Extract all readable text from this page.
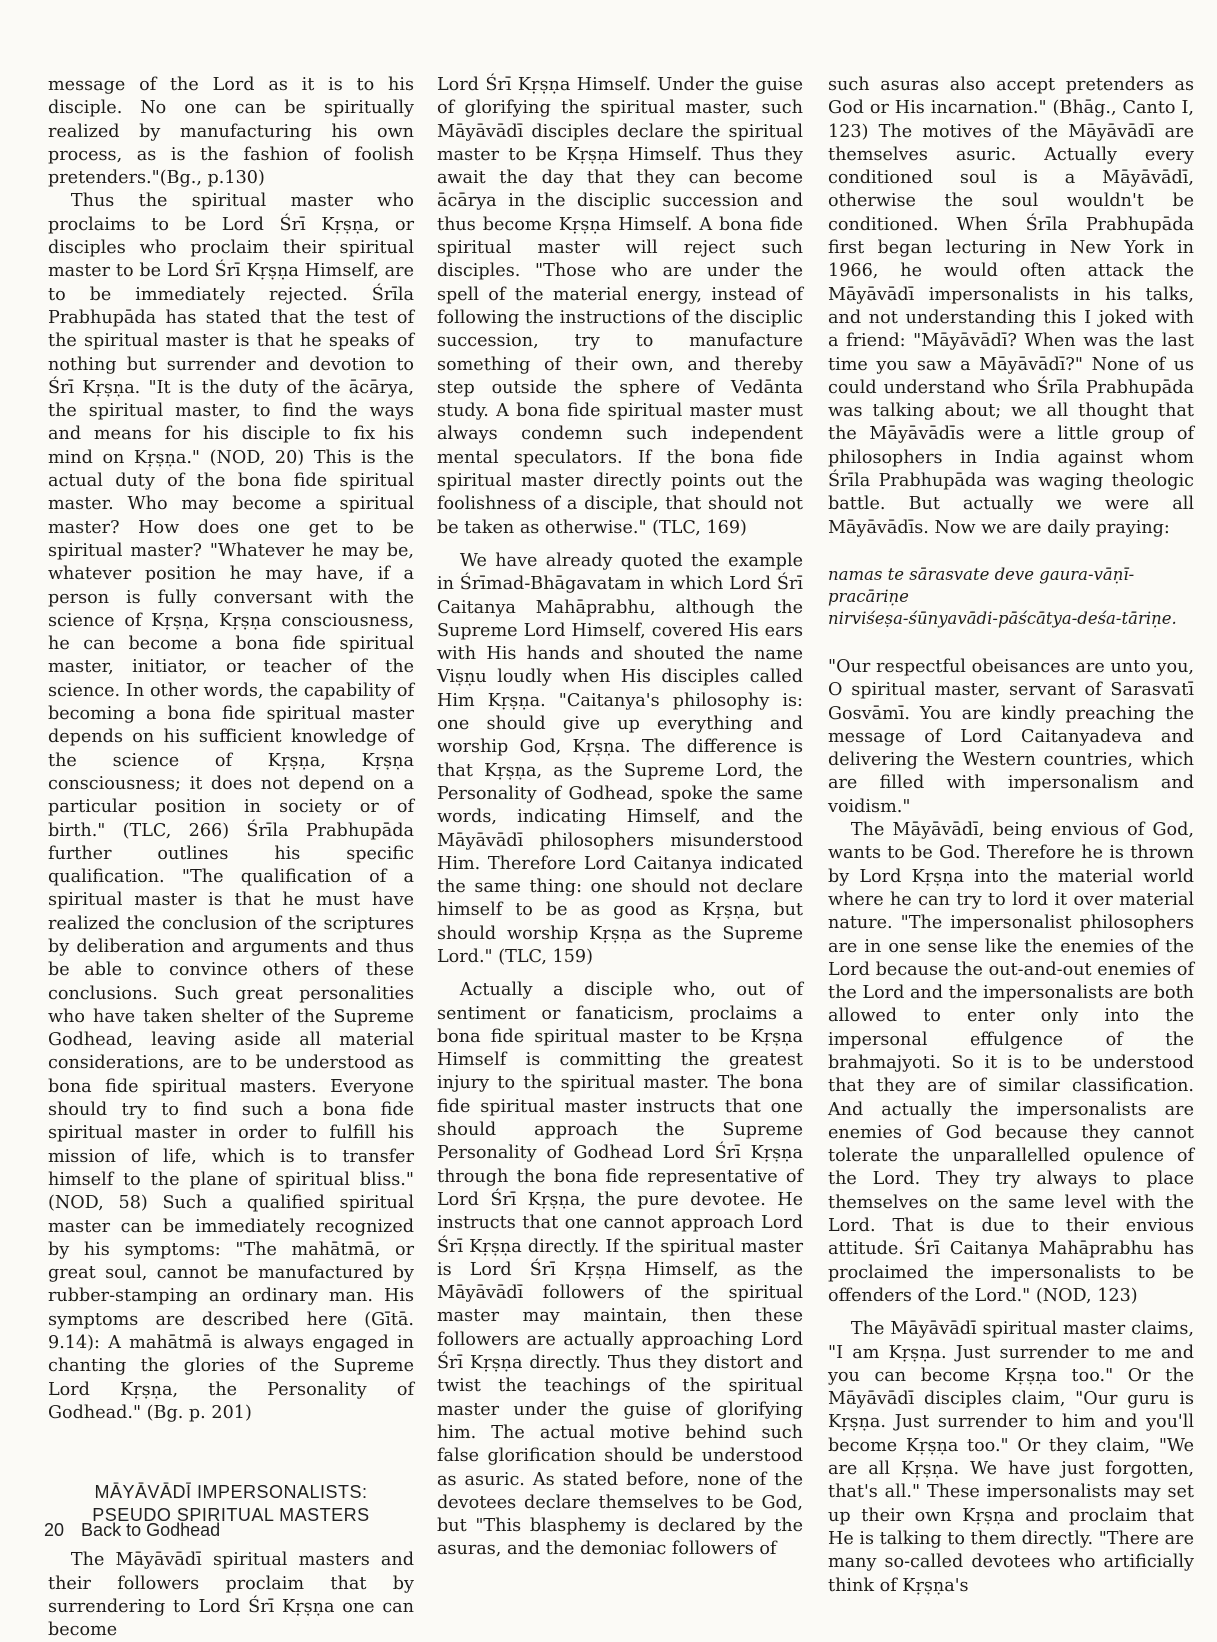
message of the Lord as it is to his disciple. No one can be spiritually realized by manufacturing his own process, as is the fashion of foolish pretenders."(Bg., p.130)

Thus the spiritual master who proclaims to be Lord Śrī Kṛṣṇa, or disciples who proclaim their spiritual master to be Lord Śrī Kṛṣṇa Himself, are to be immediately rejected. Śrīla Prabhupāda has stated that the test of the spiritual master is that he speaks of nothing but surrender and devotion to Śrī Kṛṣṇa. "It is the duty of the ācārya, the spiritual master, to find the ways and means for his disciple to fix his mind on Kṛṣṇa." (NOD, 20) This is the actual duty of the bona fide spiritual master. Who may become a spiritual master? How does one get to be spiritual master? "Whatever he may be, whatever position he may have, if a person is fully conversant with the science of Kṛṣṇa, Kṛṣṇa consciousness, he can become a bona fide spiritual master, initiator, or teacher of the science. In other words, the capability of becoming a bona fide spiritual master depends on his sufficient knowledge of the science of Kṛṣṇa, Kṛṣṇa consciousness; it does not depend on a particular position in society or of birth." (TLC, 266) Śrīla Prabhupāda further outlines his specific qualification. "The qualification of a spiritual master is that he must have realized the conclusion of the scriptures by deliberation and arguments and thus be able to convince others of these conclusions. Such great personalities who have taken shelter of the Supreme Godhead, leaving aside all material considerations, are to be understood as bona fide spiritual masters. Everyone should try to find such a bona fide spiritual master in order to fulfill his mission of life, which is to transfer himself to the plane of spiritual bliss." (NOD, 58) Such a qualified spiritual master can be immediately recognized by his symptoms: "The mahātmā, or great soul, cannot be manufactured by rubber-stamping an ordinary man. His symptoms are described here (Gītā. 9.14): A mahātmā is always engaged in chanting the glories of the Supreme Lord Kṛṣṇa, the Personality of Godhead." (Bg. p. 201)

MĀYĀVĀDĪ IMPERSONALISTS:
PSEUDO SPIRITUAL MASTERS

The Māyāvādī spiritual masters and their followers proclaim that by surrendering to Lord Śrī Kṛṣṇa one can become

Lord Śrī Kṛṣṇa Himself. Under the guise of glorifying the spiritual master, such Māyāvādī disciples declare the spiritual master to be Kṛṣṇa Himself. Thus they await the day that they can become ācārya in the disciplic succession and thus become Kṛṣṇa Himself. A bona fide spiritual master will reject such disciples. "Those who are under the spell of the material energy, instead of following the instructions of the disciplic succession, try to manufacture something of their own, and thereby step outside the sphere of Vedānta study. A bona fide spiritual master must always condemn such independent mental speculators. If the bona fide spiritual master directly points out the foolishness of a disciple, that should not be taken as otherwise." (TLC, 169)

We have already quoted the example in Śrīmad-Bhāgavatam in which Lord Śrī Caitanya Mahāprabhu, although the Supreme Lord Himself, covered His ears with His hands and shouted the name Viṣṇu loudly when His disciples called Him Kṛṣṇa. "Caitanya's philosophy is: one should give up everything and worship God, Kṛṣṇa. The difference is that Kṛṣṇa, as the Supreme Lord, the Personality of Godhead, spoke the same words, indicating Himself, and the Māyāvādī philosophers misunderstood Him. Therefore Lord Caitanya indicated the same thing: one should not declare himself to be as good as Kṛṣṇa, but should worship Kṛṣṇa as the Supreme Lord." (TLC, 159)

Actually a disciple who, out of sentiment or fanaticism, proclaims a bona fide spiritual master to be Kṛṣṇa Himself is committing the greatest injury to the spiritual master. The bona fide spiritual master instructs that one should approach the Supreme Personality of Godhead Lord Śrī Kṛṣṇa through the bona fide representative of Lord Śrī Kṛṣṇa, the pure devotee. He instructs that one cannot approach Lord Śrī Kṛṣṇa directly. If the spiritual master is Lord Śrī Kṛṣṇa Himself, as the Māyāvādī followers of the spiritual master may maintain, then these followers are actually approaching Lord Śrī Kṛṣṇa directly. Thus they distort and twist the teachings of the spiritual master under the guise of glorifying him. The actual motive behind such false glorification should be understood as asuric. As stated before, none of the devotees declare themselves to be God, but "This blasphemy is declared by the asuras, and the demoniac followers of

such asuras also accept pretenders as God or His incarnation." (Bhāg., Canto I, 123) The motives of the Māyāvādī are themselves asuric. Actually every conditioned soul is a Māyāvādī, otherwise the soul wouldn't be conditioned. When Śrīla Prabhupāda first began lecturing in New York in 1966, he would often attack the Māyāvādī impersonalists in his talks, and not understanding this I joked with a friend: "Māyāvādī? When was the last time you saw a Māyāvādī?" None of us could understand who Śrīla Prabhupāda was talking about; we all thought that the Māyāvādīs were a little group of philosophers in India against whom Śrīla Prabhupāda was waging theologic battle. But actually we were all Māyāvādīs. Now we are daily praying:

namas te sārasvate deve gaura-vāṇī-pracāriṇe
nirviśeṣa-śūnyavādi-pāścātya-deśa-tāriṇe.

"Our respectful obeisances are unto you, O spiritual master, servant of Sarasvatī Gosvāmī. You are kindly preaching the message of Lord Caitanyadeva and delivering the Western countries, which are filled with impersonalism and voidism."

The Māyāvādī, being envious of God, wants to be God. Therefore he is thrown by Lord Kṛṣṇa into the material world where he can try to lord it over material nature. "The impersonalist philosophers are in one sense like the enemies of the Lord because the out-and-out enemies of the Lord and the impersonalists are both allowed to enter only into the impersonal effulgence of the brahmajyoti. So it is to be understood that they are of similar classification. And actually the impersonalists are enemies of God because they cannot tolerate the unparallelled opulence of the Lord. They try always to place themselves on the same level with the Lord. That is due to their envious attitude. Śrī Caitanya Mahāprabhu has proclaimed the impersonalists to be offenders of the Lord." (NOD, 123)

The Māyāvādī spiritual master claims, "I am Kṛṣṇa. Just surrender to me and you can become Kṛṣṇa too." Or the Māyāvādī disciples claim, "Our guru is Kṛṣṇa. Just surrender to him and you'll become Kṛṣṇa too." Or they claim, "We are all Kṛṣṇa. We have just forgotten, that's all." These impersonalists may set up their own Kṛṣṇa and proclaim that He is talking to them directly. "There are many so-called devotees who artificially think of Kṛṣṇa's

20 Back to Godhead
